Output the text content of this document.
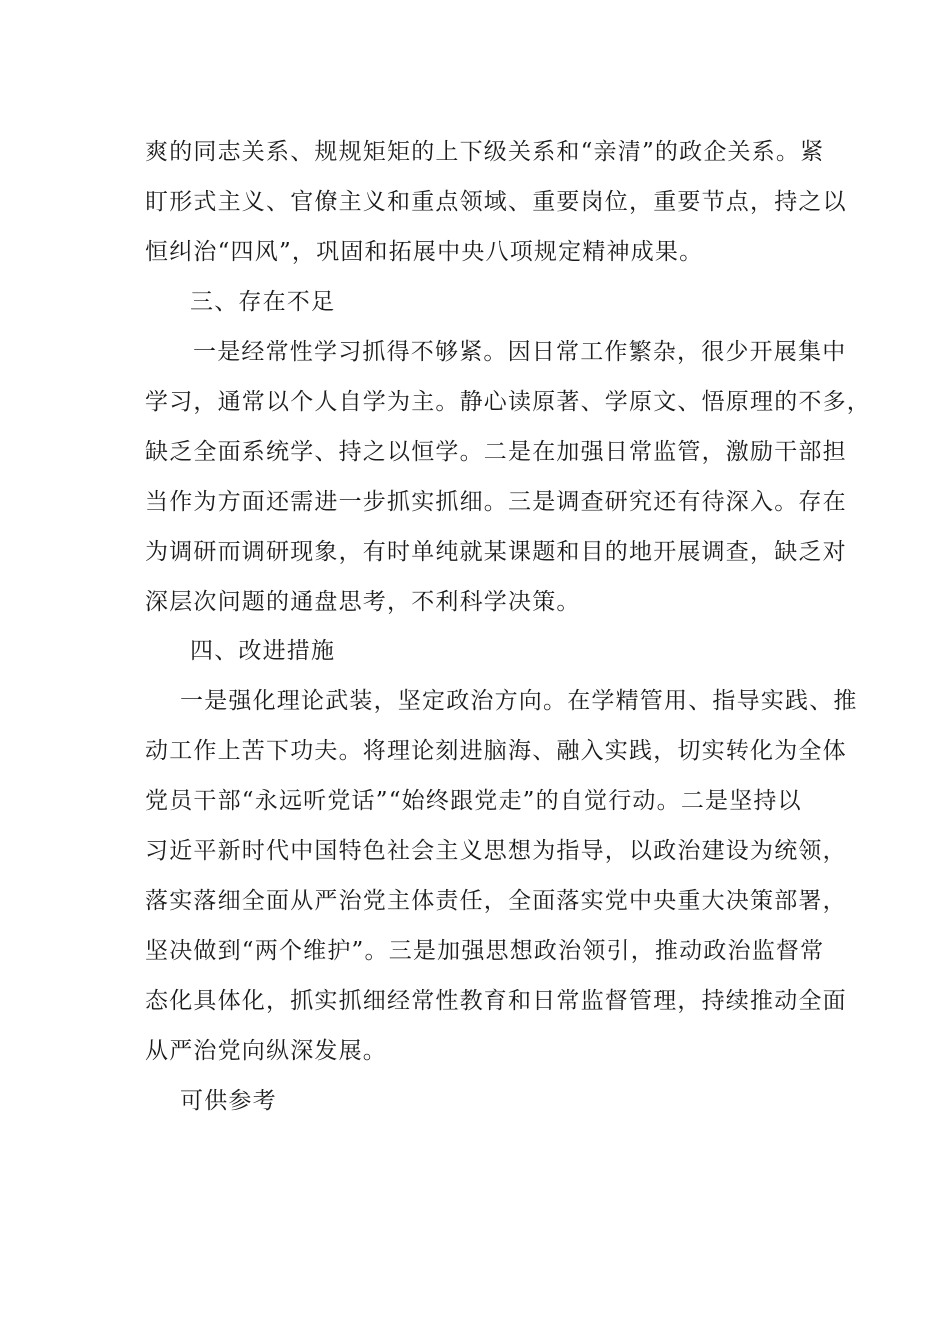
爽的同志关系、规规矩矩的上下级关系和“亲清”的政企关系。紧
盯形式主义、官僚主义和重点领域、重要岗位，重要节点，持之以
恒纠治“四风”，巩固和拓展中央八项规定精神成果。
三、存在不足
一是经常性学习抓得不够紧。因日常工作繁杂，很少开展集中
学习，通常以个人自学为主。静心读原著、学原文、悟原理的不多，
缺乏全面系统学、持之以恒学。二是在加强日常监管，激励干部担
当作为方面还需进一步抓实抓细。三是调查研究还有待深入。存在
为调研而调研现象，有时单纯就某课题和目的地开展调查，缺乏对
深层次问题的通盘思考，不利科学决策。
四、改进措施
一是强化理论武装，坚定政治方向。在学精管用、指导实践、推
动工作上苦下功夫。将理论刻进脑海、融入实践，切实转化为全体
党员干部“永远听党话”“始终跟党走”的自觉行动。二是坚持以
习近平新时代中国特色社会主义思想为指导，以政治建设为统领，
落实落细全面从严治党主体责任，全面落实党中央重大决策部署，
坚决做到“两个维护”。三是加强思想政治领引，推动政治监督常
态化具体化，抓实抓细经常性教育和日常监督管理，持续推动全面
从严治党向纵深发展。
可供参考
